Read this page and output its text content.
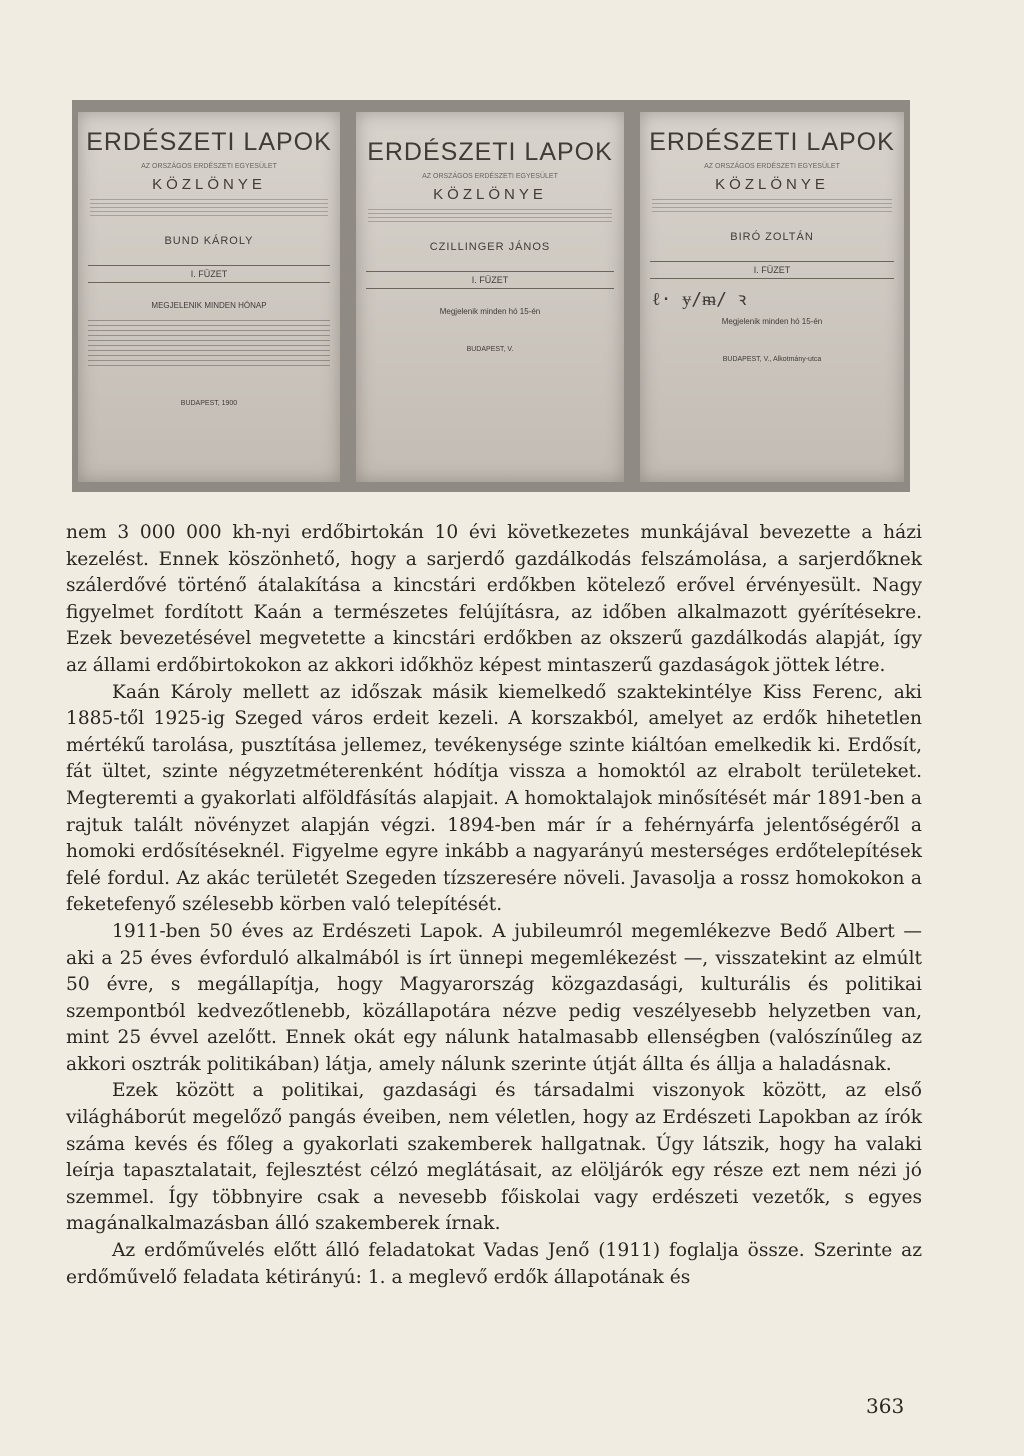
ERDÉSZETI LAPOK
AZ ORSZÁGOS ERDÉSZETI EGYESÜLET
KÖZLÖNYE
BUND KÁROLY
I. FÜZET
MEGJELENIK MINDEN HÓNAP
BUDAPEST, 1900
ERDÉSZETI LAPOK
AZ ORSZÁGOS ERDÉSZETI EGYESÜLET
KÖZLÖNYE
CZILLINGER JÁNOS
I. FÜZET
Megjelenik minden hó 15-én
BUDAPEST, V.
ERDÉSZETI LAPOK
AZ ORSZÁGOS ERDÉSZETI EGYESÜLET
KÖZLÖNYE
BIRÓ ZOLTÁN
I. FÜZET
ℓ· ɏ/ᵯ/ ꝛ
Megjelenik minden hó 15-én
BUDAPEST, V., Alkotmány-utca

nem 3 000 000 kh-nyi erdőbirtokán 10 évi következetes munkájával bevezette a házi kezelést. Ennek köszönhető, hogy a sarjerdő gazdálkodás felszámolása, a sarjerdőknek szálerdővé történő átalakítása a kincstári erdőkben kötelező erővel érvényesült. Nagy figyelmet fordított Kaán a természetes felújításra, az időben alkalmazott gyérítésekre. Ezek bevezetésével megvetette a kincstári erdőkben az okszerű gazdálkodás alapját, így az állami erdőbirtokokon az akkori időkhöz képest mintaszerű gazdaságok jöttek létre.

Kaán Károly mellett az időszak másik kiemelkedő szaktekintélye Kiss Ferenc, aki 1885-től 1925-ig Szeged város erdeit kezeli. A korszakból, amelyet az erdők hihetetlen mértékű tarolása, pusztítása jellemez, tevékenysége szinte kiáltóan emelkedik ki. Erdősít, fát ültet, szinte négyzetméterenként hódítja vissza a homoktól az elrabolt területeket. Megteremti a gyakorlati alföldfásítás alapjait. A homoktalajok minősítését már 1891-ben a rajtuk talált növényzet alapján végzi. 1894-ben már ír a fehérnyárfa jelentőségéről a homoki erdősítéseknél. Figyelme egyre inkább a nagyarányú mesterséges erdőtelepítések felé fordul. Az akác területét Szegeden tízszeresére növeli. Javasolja a rossz homokokon a feketefenyő szélesebb körben való telepítését.

1911-ben 50 éves az Erdészeti Lapok. A jubileumról megemlékezve Bedő Albert — aki a 25 éves évforduló alkalmából is írt ünnepi megemlékezést —, visszatekint az elmúlt 50 évre, s megállapítja, hogy Magyarország közgazdasági, kulturális és politikai szempontból kedvezőtlenebb, közállapotára nézve pedig veszélyesebb helyzetben van, mint 25 évvel azelőtt. Ennek okát egy nálunk hatalmasabb ellenségben (valószínűleg az akkori osztrák politikában) látja, amely nálunk szerinte útját állta és állja a haladásnak.

Ezek között a politikai, gazdasági és társadalmi viszonyok között, az első világháborút megelőző pangás éveiben, nem véletlen, hogy az Erdészeti Lapokban az írók száma kevés és főleg a gyakorlati szakemberek hallgatnak. Úgy látszik, hogy ha valaki leírja tapasztalatait, fejlesztést célzó meglátásait, az elöljárók egy része ezt nem nézi jó szemmel. Így többnyire csak a nevesebb főiskolai vagy erdészeti vezetők, s egyes magánalkalmazásban álló szakemberek írnak.

Az erdőművelés előtt álló feladatokat Vadas Jenő (1911) foglalja össze. Szerinte az erdőművelő feladata kétirányú: 1. a meglevő erdők állapotának és

363
